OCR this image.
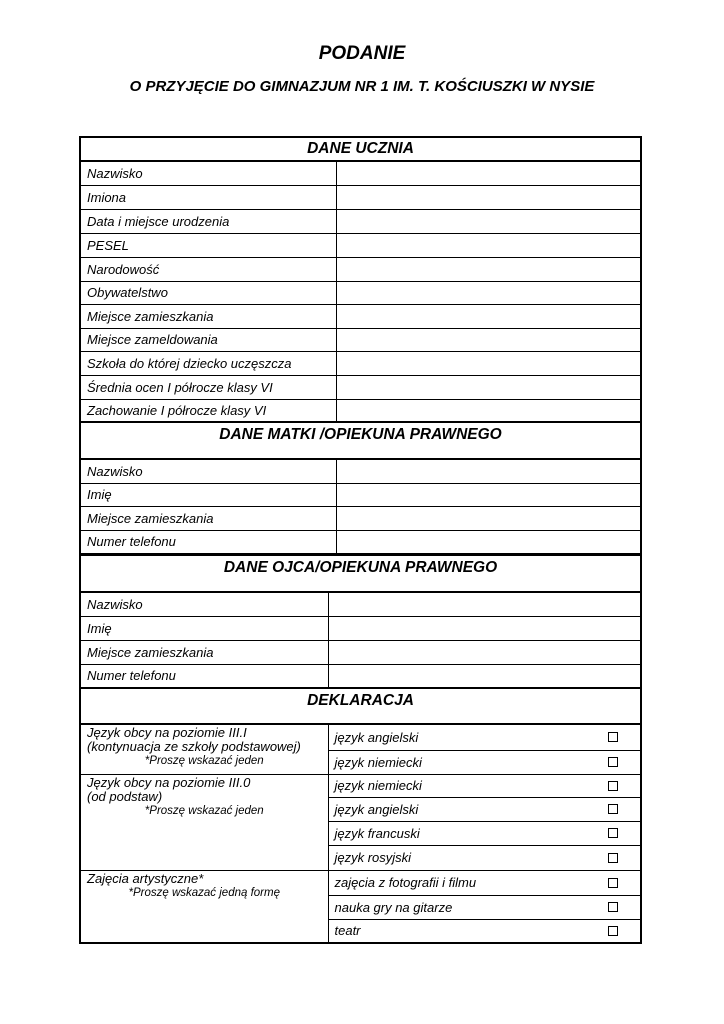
PODANIE
O PRZYJĘCIE DO GIMNAZJUM NR 1 IM. T. KOŚCIUSZKI W NYSIE
DANE UCZNIA	
Nazwisko	
Imiona	
Data i miejsce urodzenia	
PESEL	
Narodowość	
Obywatelstwo	
Miejsce zamieszkania	
Miejsce zameldowania	
Szkoła do której dziecko uczęszcza	
Średnia ocen I półrocze klasy VI	
Zachowanie I półrocze klasy VI	
DANE MATKI /OPIEKUNA PRAWNEGO	
Nazwisko	
Imię	
Miejsce zamieszkania	
Numer telefonu	
DANE OJCA/OPIEKUNA PRAWNEGO	
Nazwisko	
Imię	
Miejsce zamieszkania	
Numer telefonu	
DEKLARACJA	
Język obcy na poziomie III.I
(kontynuacja ze szkoły podstawowej)
*Proszę wskazać jeden	język angielski

	język niemiecki

Język obcy na poziomie III.0
(od podstaw)
*Proszę wskazać jeden	język niemiecki

	język angielski

	język francuski

	język rosyjski

Zajęcia artystyczne*
*Proszę wskazać jedną formę	zajęcia z fotografii i filmu

	nauka gry na gitarze

	teatr
